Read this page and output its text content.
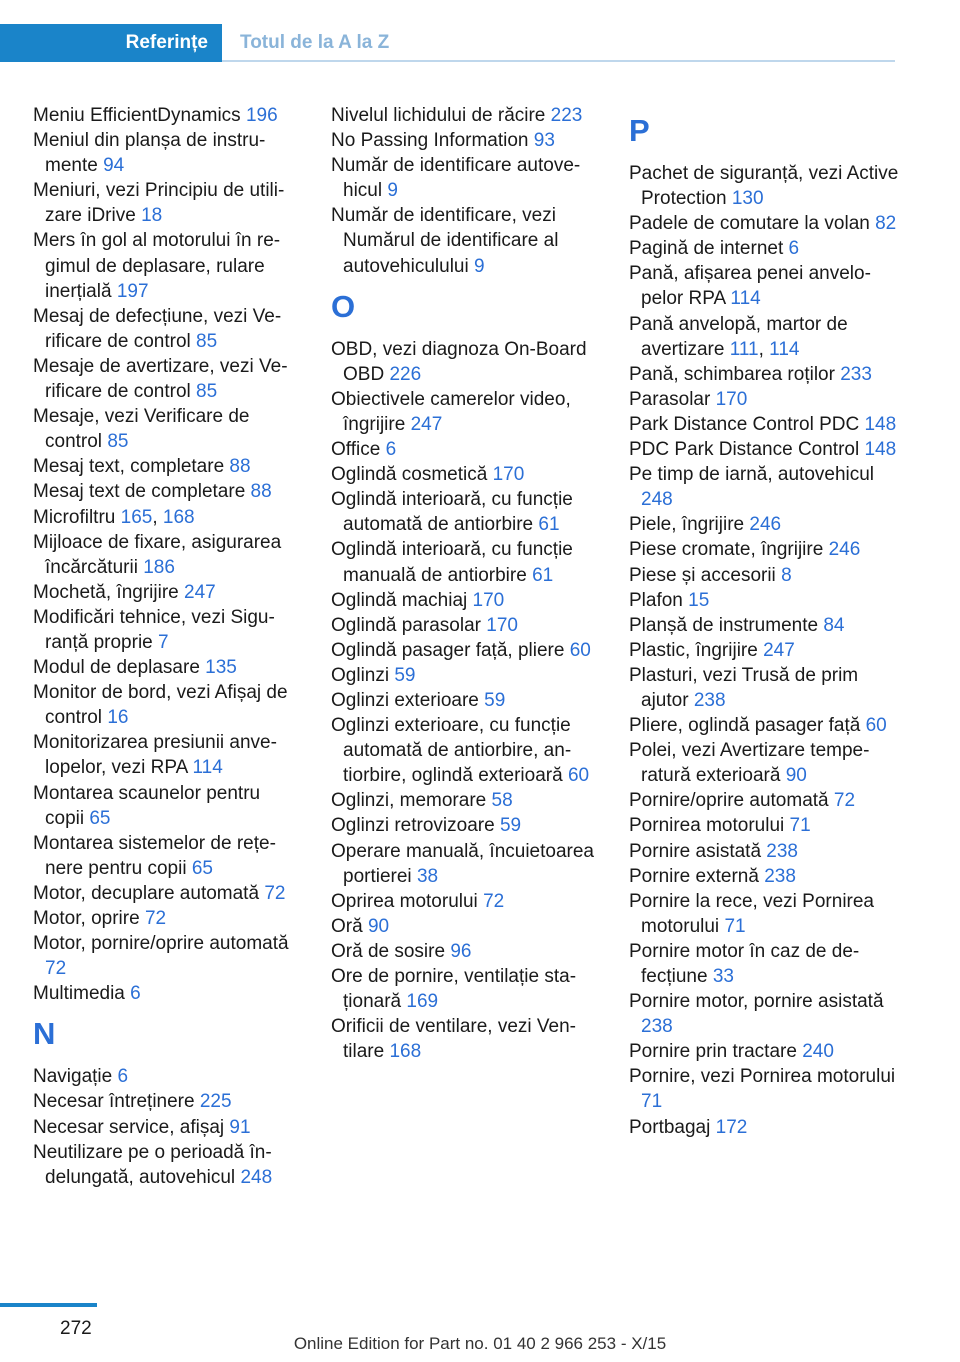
Referințe	Totul de la A la Z

Meniu EfficientDynamics 196

Meniul din planșa de instrumente 94

Meniuri, vezi Principiu de utilizare iDrive 18

Mers în gol al motorului în regimul de deplasare, rulare inerțială 197

Mesaj de defecțiune, vezi Verificare de control 85

Mesaje de avertizare, vezi Verificare de control 85

Mesaje, vezi Verificare de control 85

Mesaj text, completare 88

Mesaj text de completare 88

Microfiltru 165, 168

Mijloace de fixare, asigurarea încărcăturii 186

Mochetă, îngrijire 247

Modificări tehnice, vezi Siguranță proprie 7

Modul de deplasare 135

Monitor de bord, vezi Afișaj de control 16

Monitorizarea presiunii anvelopelor, vezi RPA 114

Montarea scaunelor pentru copii 65

Montarea sistemelor de rețenere pentru copii 65

Motor, decuplare automată 72

Motor, oprire 72

Motor, pornire/oprire automată 72

Multimedia 6

N

Navigație 6

Necesar întreținere 225

Necesar service, afișaj 91

Neutilizare pe o perioadă îndelungată, autovehicul 248

Nivelul lichidului de răcire 223

No Passing Information 93

Număr de identificare autovehicul 9

Număr de identificare, vezi Numărul de identificare al autovehiculului 9

O

OBD, vezi diagnoza On-Board OBD 226

Obiectivele camerelor video, îngrijire 247

Office 6

Oglindă cosmetică 170

Oglindă interioară, cu funcție automată de antiorbire 61

Oglindă interioară, cu funcție manuală de antiorbire 61

Oglindă machiaj 170

Oglindă parasolar 170

Oglindă pasager față, pliere 60

Oglinzi 59

Oglinzi exterioare 59

Oglinzi exterioare, cu funcție automată de antiorbire, antiorbire, oglindă exterioară 60

Oglinzi, memorare 58

Oglinzi retrovizoare 59

Operare manuală, încuietoarea portierei 38

Oprirea motorului 72

Oră 90

Oră de sosire 96

Ore de pornire, ventilație staționară 169

Orificii de ventilare, vezi Ventilare 168

P

Pachet de siguranță, vezi Active Protection 130

Padele de comutare la volan 82

Pagină de internet 6

Pană, afișarea penei anvelopelor RPA 114

Pană anvelopă, martor de avertizare 111, 114

Pană, schimbarea roților 233

Parasolar 170

Park Distance Control PDC 148

PDC Park Distance Control 148

Pe timp de iarnă, autovehicul 248

Piele, îngrijire 246

Piese cromate, îngrijire 246

Piese și accesorii 8

Plafon 15

Planșă de instrumente 84

Plastic, îngrijire 247

Plasturi, vezi Trusă de prim ajutor 238

Pliere, oglindă pasager față 60

Polei, vezi Avertizare temperatură exterioară 90

Pornire/oprire automată 72

Pornirea motorului 71

Pornire asistată 238

Pornire externă 238

Pornire la rece, vezi Pornirea motorului 71

Pornire motor în caz de defecțiune 33

Pornire motor, pornire asistată 238

Pornire prin tractare 240

Pornire, vezi Pornirea motorului 71

Portbagaj 172

272
Online Edition for Part no. 01 40 2 966 253 - X/15
